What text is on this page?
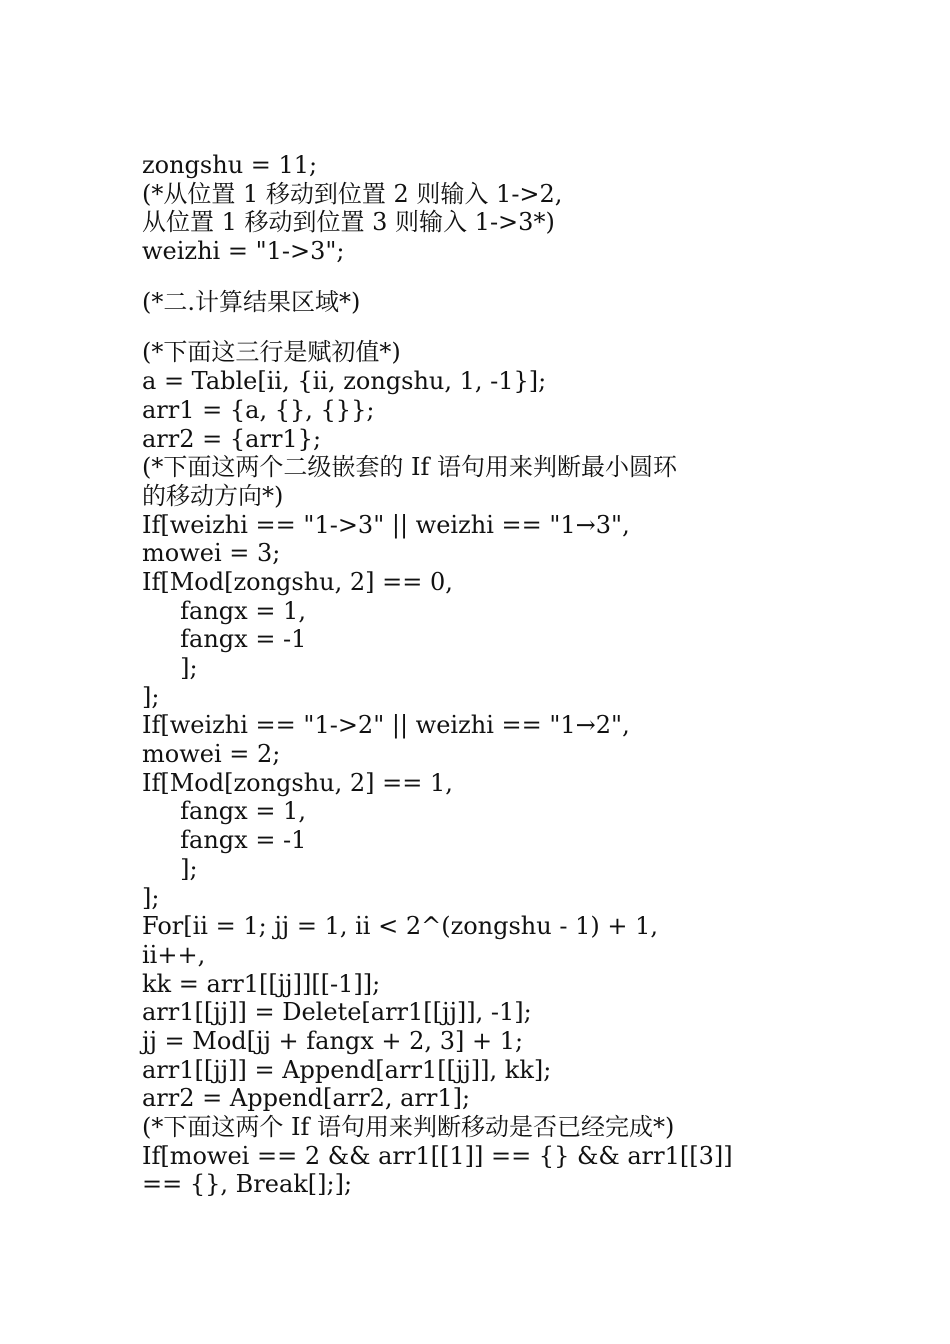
zongshu = 11;
(*从位置 1 移动到位置 2 则输入 1->2,
从位置 1 移动到位置 3 则输入 1->3*)
weizhi = "1->3";
(*二.计算结果区域*)
(*下面这三行是赋初值*)
a = Table[ii, {ii, zongshu, 1, -1}];
arr1 = {a, {}, {}};
arr2 = {arr1};
(*下面这两个二级嵌套的 If 语句用来判断最小圆环
的移动方向*)
If[weizhi == "1->3" || weizhi == "1→3",
mowei = 3;
If[Mod[zongshu, 2] == 0,
fangx = 1,
fangx = -1
];
];
If[weizhi == "1->2" || weizhi == "1→2",
mowei = 2;
If[Mod[zongshu, 2] == 1,
fangx = 1,
fangx = -1
];
];
For[ii = 1; jj = 1, ii < 2^(zongshu - 1) + 1,
ii++,
kk = arr1[[jj]][[-1]];
arr1[[jj]] = Delete[arr1[[jj]], -1];
jj = Mod[jj + fangx + 2, 3] + 1;
arr1[[jj]] = Append[arr1[[jj]], kk];
arr2 = Append[arr2, arr1];
(*下面这两个 If 语句用来判断移动是否已经完成*)
If[mowei == 2 && arr1[[1]] == {} && arr1[[3]]
== {}, Break[];];
